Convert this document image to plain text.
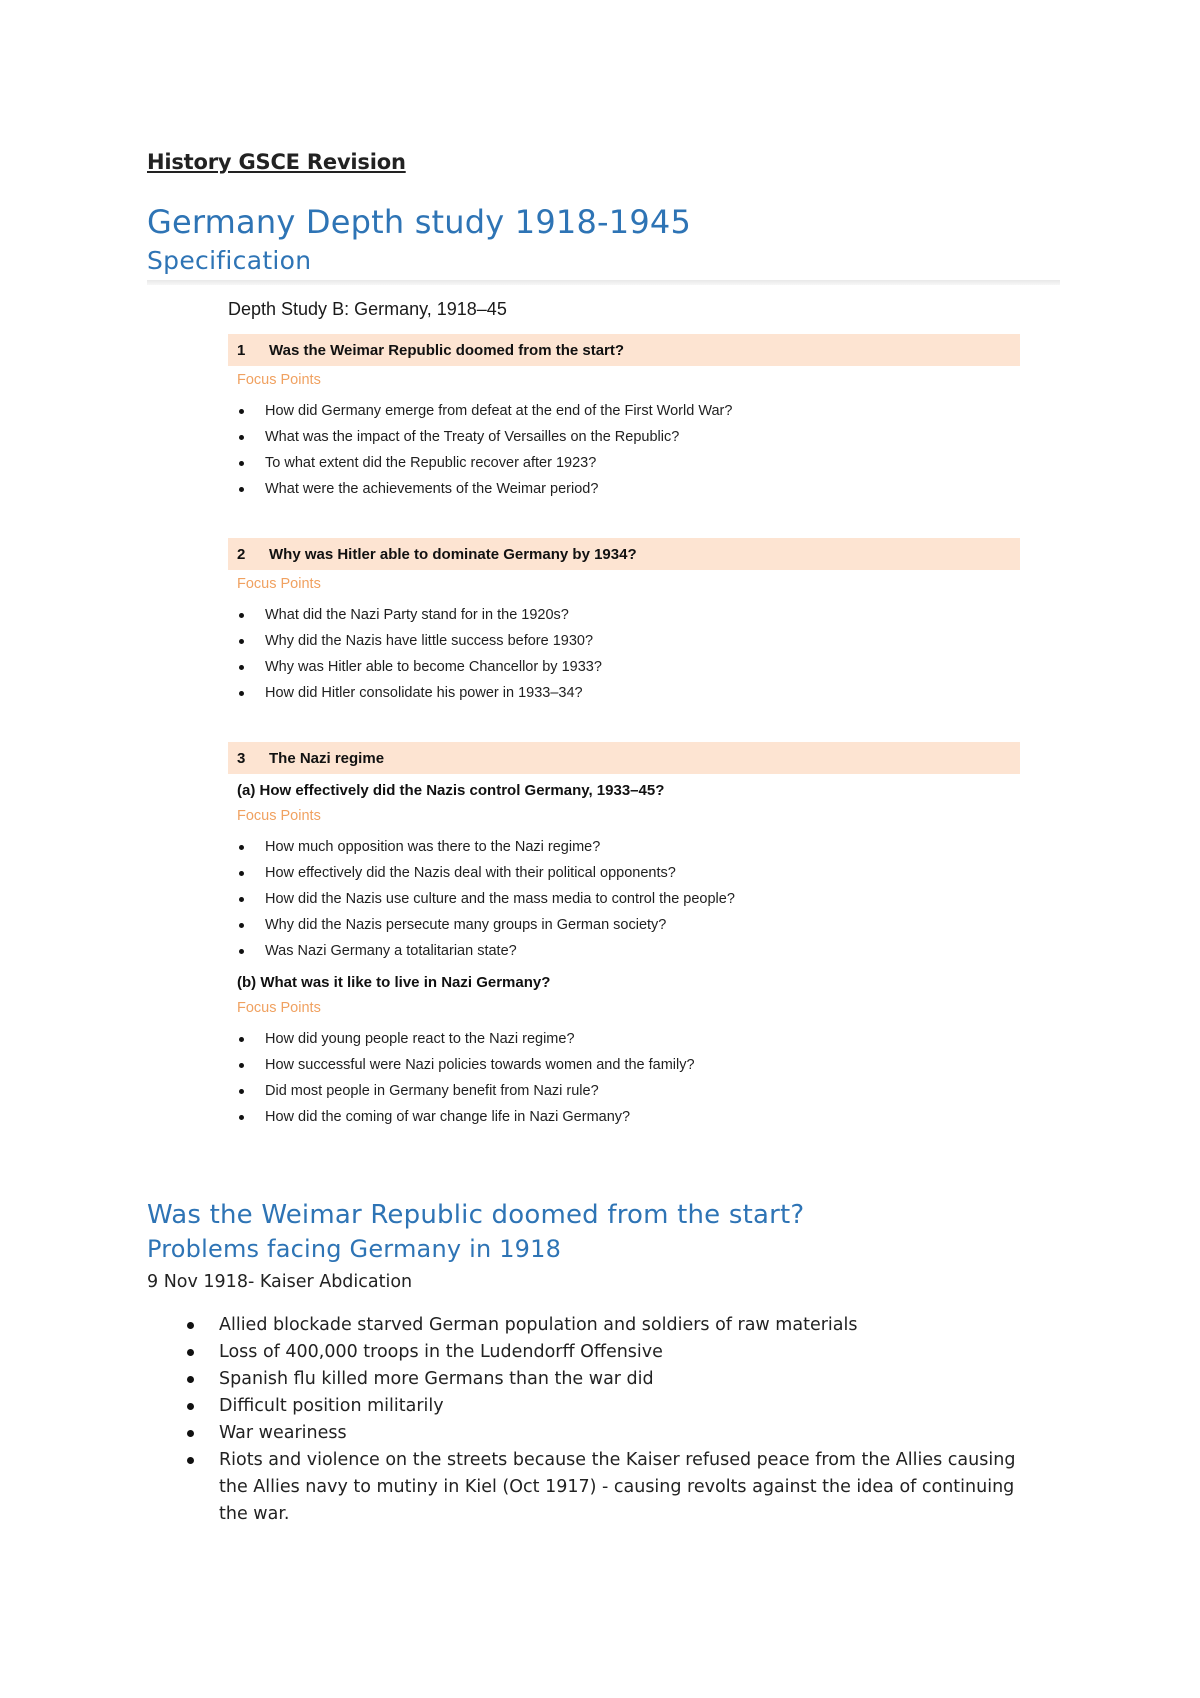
History GSCE Revision
Germany Depth study 1918-1945
Specification
Depth Study B: Germany, 1918–45
1	Was the Weimar Republic doomed from the start?
Focus Points
How did Germany emerge from defeat at the end of the First World War?
What was the impact of the Treaty of Versailles on the Republic?
To what extent did the Republic recover after 1923?
What were the achievements of the Weimar period?
2	Why was Hitler able to dominate Germany by 1934?
Focus Points
What did the Nazi Party stand for in the 1920s?
Why did the Nazis have little success before 1930?
Why was Hitler able to become Chancellor by 1933?
How did Hitler consolidate his power in 1933–34?
3	The Nazi regime
(a) How effectively did the Nazis control Germany, 1933–45?
Focus Points
How much opposition was there to the Nazi regime?
How effectively did the Nazis deal with their political opponents?
How did the Nazis use culture and the mass media to control the people?
Why did the Nazis persecute many groups in German society?
Was Nazi Germany a totalitarian state?
(b) What was it like to live in Nazi Germany?
Focus Points
How did young people react to the Nazi regime?
How successful were Nazi policies towards women and the family?
Did most people in Germany benefit from Nazi rule?
How did the coming of war change life in Nazi Germany?
Was the Weimar Republic doomed from the start?
Problems facing Germany in 1918
9 Nov 1918- Kaiser Abdication
Allied blockade starved German population and soldiers of raw materials
Loss of 400,000 troops in the Ludendorff Offensive
Spanish flu killed more Germans than the war did
Difficult position militarily
War weariness
Riots and violence on the streets because the Kaiser refused peace from the Allies causing the Allies navy to mutiny in Kiel (Oct 1917) - causing revolts against the idea of continuing the war.
